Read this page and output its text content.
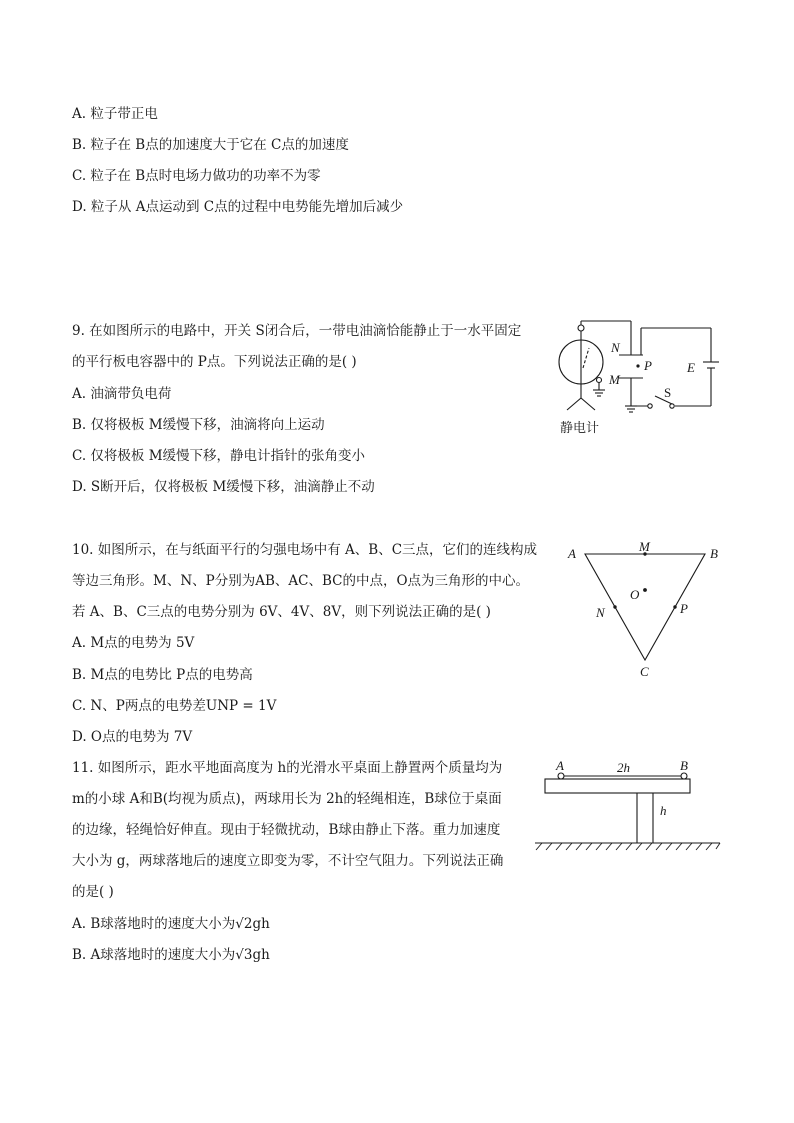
A. 粒子带正电
B. 粒子在 B点的加速度大于它在 C点的加速度
C. 粒子在 B点时电场力做功的功率不为零
D. 粒子从 A点运动到 C点的过程中电势能先增加后减少
9. 在如图所示的电路中，开关 S闭合后，一带电油滴恰能静止于一水平固定
的平行板电容器中的 P点。下列说法正确的是( )
A. 油滴带负电荷
B. 仅将极板 M缓慢下移，油滴将向上运动
C. 仅将极板 M缓慢下移，静电计指针的张角变小
D. S断开后，仅将极板 M缓慢下移，油滴静止不动
N
P
M
E
S
静电计
10. 如图所示，在与纸面平行的匀强电场中有 A、B、C三点，它们的连线构成
等边三角形。M、N、P分别为AB、AC、BC的中点，O点为三角形的中心。
若 A、B、C三点的电势分别为 6V、4V、8V，则下列说法正确的是( )
A. M点的电势为 5V
B. M点的电势比 P点的电势高
C. N、P两点的电势差UNP = 1V
D. O点的电势为 7V
A	B
C
M
N	P
O
11. 如图所示，距水平地面高度为 h的光滑水平桌面上静置两个质量均为
m的小球 A和B(均视为质点)，两球用长为 2h的轻绳相连，B球位于桌面
的边缘，轻绳恰好伸直。现由于轻微扰动，B球由静止下落。重力加速度
大小为 g，两球落地后的速度立即变为零，不计空气阻力。下列说法正确
的是( )
A. B球落地时的速度大小为√2gh
B. A球落地时的速度大小为√3gh
A	B
2h
h
